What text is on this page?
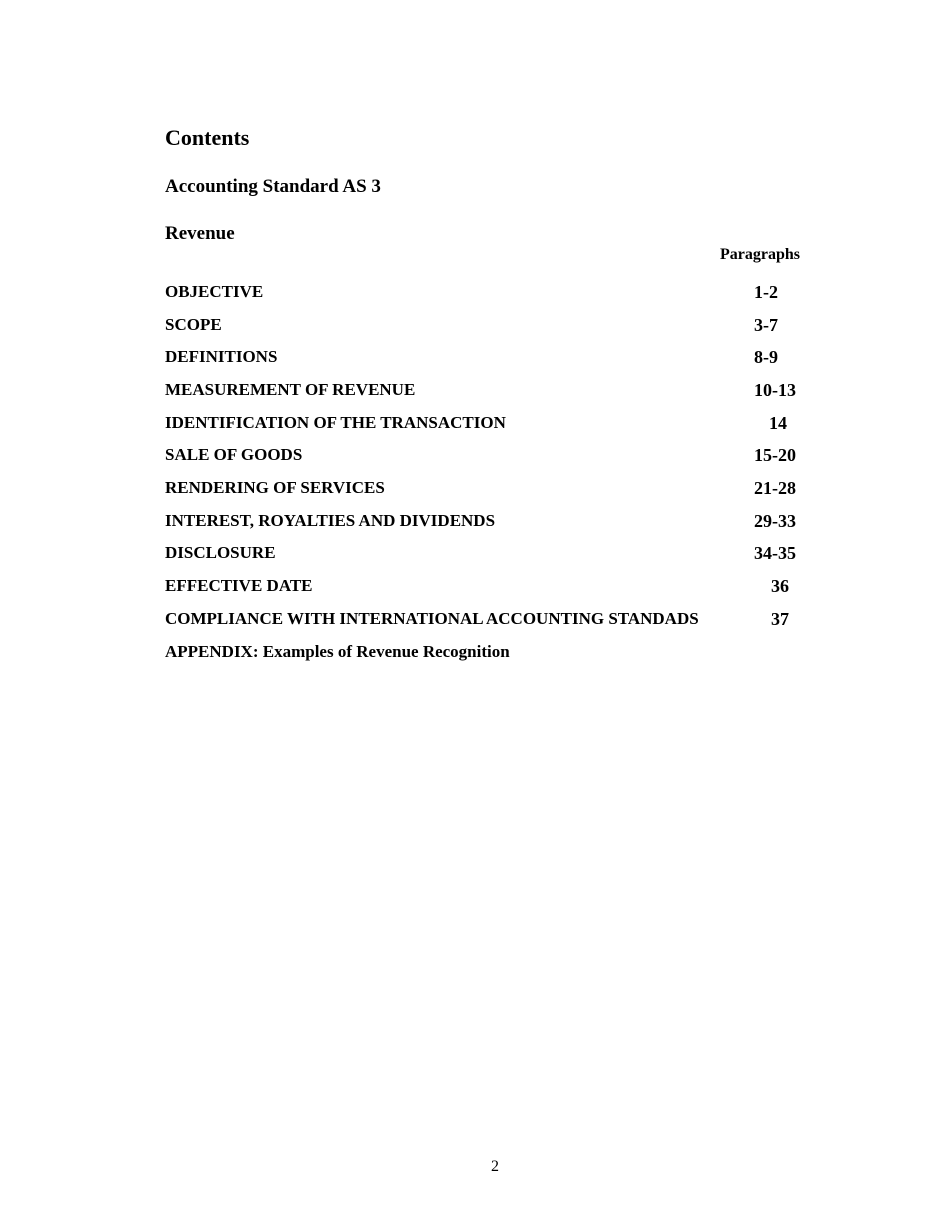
Contents
Accounting Standard AS 3
Revenue
Paragraphs
OBJECTIVE	1-2
SCOPE	3-7
DEFINITIONS	8-9
MEASUREMENT OF REVENUE	10-13
IDENTIFICATION OF THE TRANSACTION	14
SALE OF GOODS	15-20
RENDERING OF SERVICES	21-28
INTEREST, ROYALTIES AND DIVIDENDS	29-33
DISCLOSURE	34-35
EFFECTIVE DATE	36
COMPLIANCE WITH INTERNATIONAL ACCOUNTING STANDADS	37
APPENDIX: Examples of Revenue Recognition
2
